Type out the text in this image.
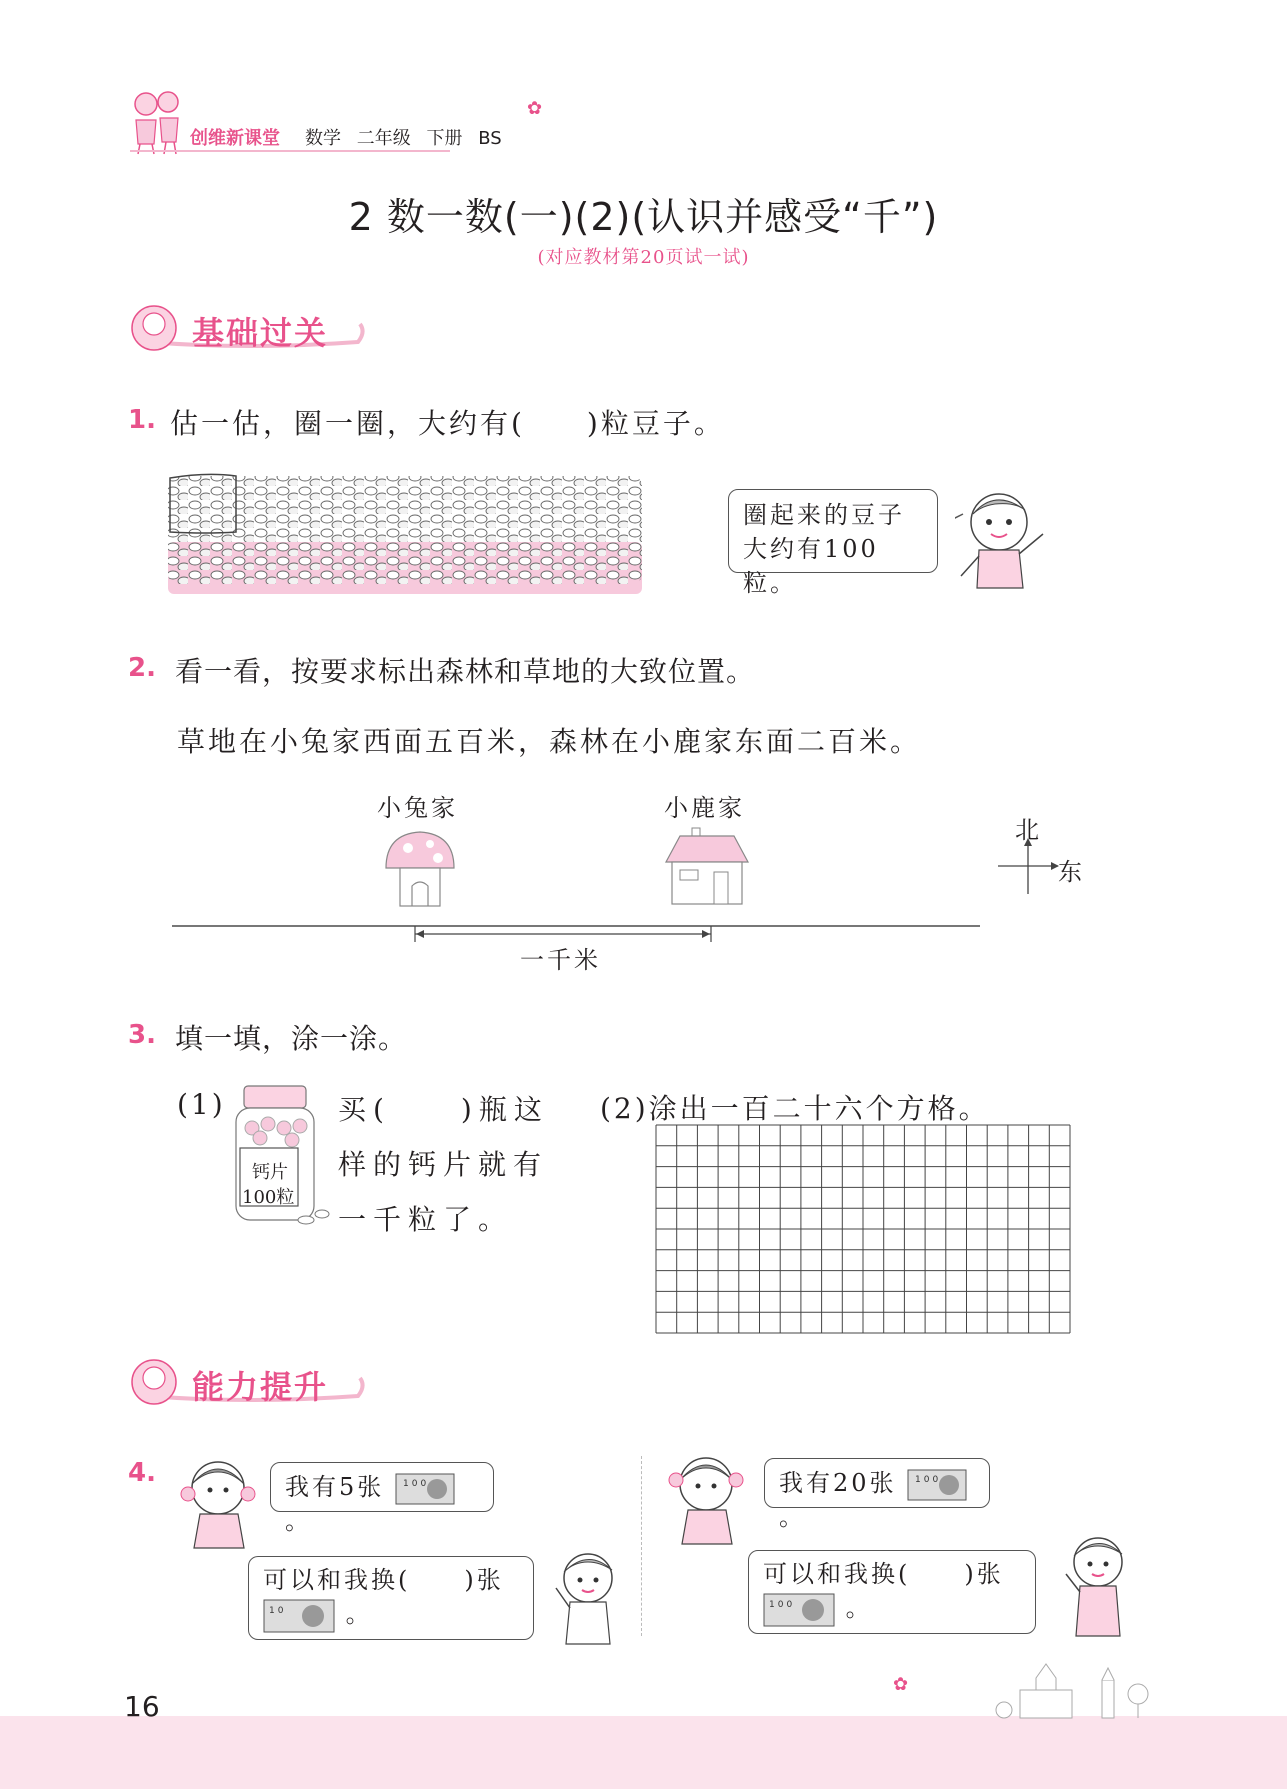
创维新课堂 数学 二年级 下册 BS
✿
2 数一数(一)(2)(认识并感受“千”)
(对应教材第20页试一试)
基础过关
1. 估一估，圈一圈，大约有(　　)粒豆子。
圈起来的豆子
大约有100粒。
2. 看一看，按要求标出森林和草地的大致位置。
草地在小兔家西面五百米，森林在小鹿家东面二百米。
小兔家	小鹿家
一千米
北
东
3. 填一填，涂一涂。
(1)
钙片
100粒
买(　　)瓶这
样的钙片就有
一千粒了。
(2)涂出一百二十六个方格。
能力提升
4.	我有5张 100
。
可以和我换(　　)张
10 。
我有20张 100
。
可以和我换(　　)张
100 。
✿
16
